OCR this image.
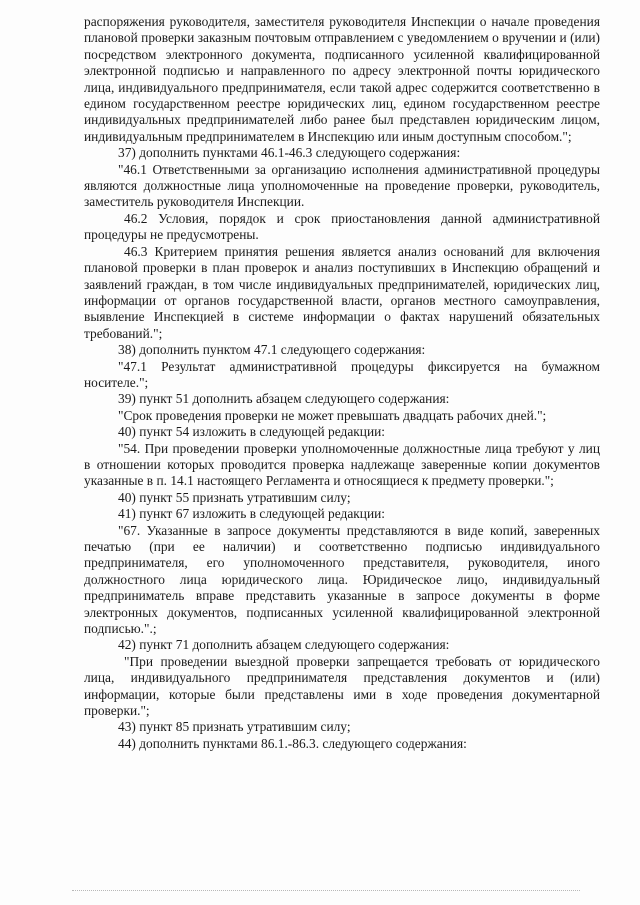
распоряжения руководителя, заместителя руководителя Инспекции о начале проведения плановой проверки заказным почтовым отправлением с уведомлением о вручении и (или) посредством электронного документа, подписанного усиленной квалифицированной электронной подписью и направленного по адресу электронной почты юридического лица, индивидуального предпринимателя, если такой адрес содержится соответственно в едином государственном реестре юридических лиц, едином государственном реестре индивидуальных предпринимателей либо ранее был представлен юридическим лицом, индивидуальным предпринимателем в Инспекцию или иным доступным способом.";

37) дополнить пунктами 46.1-46.3 следующего содержания:

"46.1 Ответственными за организацию исполнения административной процедуры являются должностные лица уполномоченные на проведение проверки, руководитель, заместитель руководителя Инспекции.

46.2 Условия, порядок и срок приостановления данной административной процедуры не предусмотрены.

46.3 Критерием принятия решения является анализ оснований для включения плановой проверки в план проверок и анализ поступивших в Инспекцию обращений и заявлений граждан, в том числе индивидуальных предпринимателей, юридических лиц, информации от органов государственной власти, органов местного самоуправления, выявление Инспекцией в системе информации о фактах нарушений обязательных требований.";

38) дополнить пунктом 47.1 следующего содержания:

"47.1 Результат административной процедуры фиксируется на бумажном носителе.";

39) пункт 51 дополнить абзацем следующего содержания:

"Срок проведения проверки не может превышать двадцать рабочих дней.";

40) пункт 54 изложить в следующей редакции:

"54. При проведении проверки уполномоченные должностные лица требуют у лиц в отношении которых проводится проверка надлежаще заверенные копии документов указанные в п. 14.1 настоящего Регламента и относящиеся к предмету проверки.";

40) пункт 55 признать утратившим силу;

41) пункт 67 изложить в следующей редакции:

"67. Указанные в запросе документы представляются в виде копий, заверенных печатью (при ее наличии) и соответственно подписью индивидуального предпринимателя, его уполномоченного представителя, руководителя, иного должностного лица юридического лица. Юридическое лицо, индивидуальный предприниматель вправе представить указанные в запросе документы в форме электронных документов, подписанных усиленной квалифицированной электронной подписью.".;

42) пункт 71 дополнить абзацем следующего содержания:

"При проведении выездной проверки запрещается требовать от юридического лица, индивидуального предпринимателя представления документов и (или) информации, которые были представлены ими в ходе проведения документарной проверки.";

43) пункт 85 признать утратившим силу;

44) дополнить пунктами 86.1.-86.3. следующего содержания:
